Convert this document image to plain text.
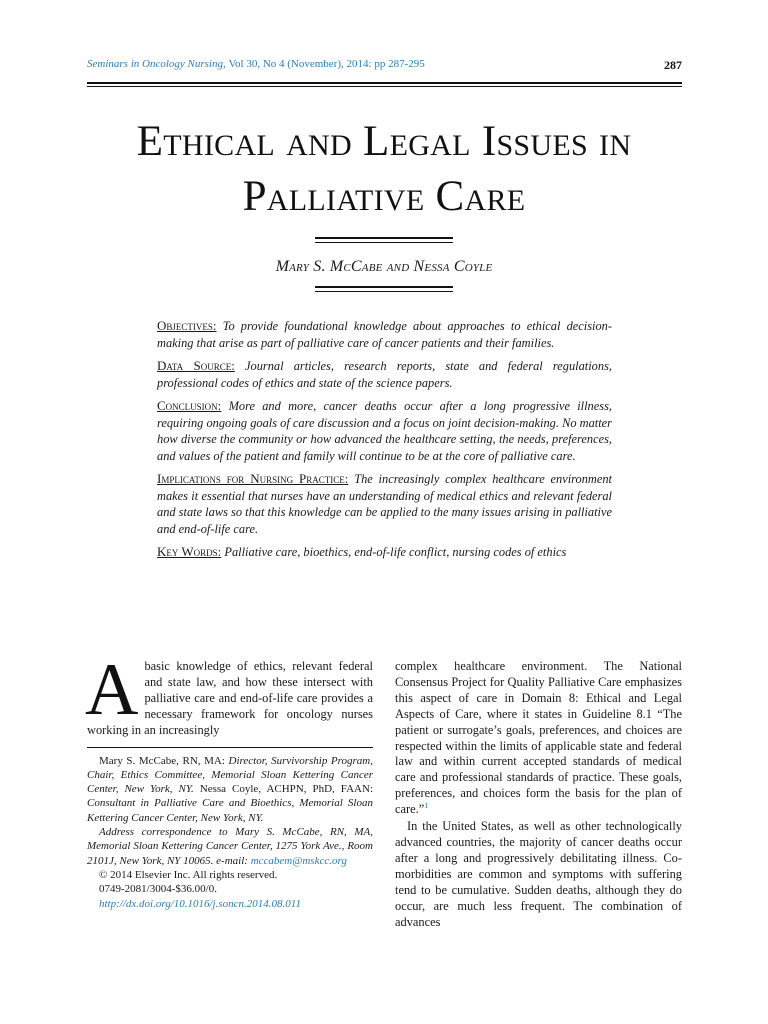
Seminars in Oncology Nursing, Vol 30, No 4 (November), 2014: pp 287-295	287
Ethical and Legal Issues in
Palliative Care
Mary S. McCabe and Nessa Coyle

Objectives: To provide foundational knowledge about approaches to ethical decision-making that arise as part of palliative care of cancer patients and their families.

Data Source: Journal articles, research reports, state and federal regulations, professional codes of ethics and state of the science papers.

Conclusion: More and more, cancer deaths occur after a long progressive illness, requiring ongoing goals of care discussion and a focus on joint decision-making. No matter how diverse the community or how advanced the healthcare setting, the needs, preferences, and values of the patient and family will continue to be at the core of palliative care.

Implications for Nursing Practice: The increasingly complex healthcare environment makes it essential that nurses have an understanding of medical ethics and relevant federal and state laws so that this knowledge can be applied to the many issues arising in palliative and end-of-life care.

Key Words: Palliative care, bioethics, end-of-life conflict, nursing codes of ethics

Abasic knowledge of ethics, relevant federal and state law, and how these intersect with palliative care and end-of-life care provides a necessary framework for oncology nurses working in an increasingly

Mary S. McCabe, RN, MA: Director, Survivorship Program, Chair, Ethics Committee, Memorial Sloan Kettering Cancer Center, New York, NY. Nessa Coyle, ACHPN, PhD, FAAN: Consultant in Palliative Care and Bioethics, Memorial Sloan Kettering Cancer Center, New York, NY.

Address correspondence to Mary S. McCabe, RN, MA, Memorial Sloan Kettering Cancer Center, 1275 York Ave., Room 2101J, New York, NY 10065. e-mail: mccabem@mskcc.org

© 2014 Elsevier Inc. All rights reserved.

0749-2081/3004-$36.00/0.

http://dx.doi.org/10.1016/j.soncn.2014.08.011

complex healthcare environment. The National Consensus Project for Quality Palliative Care emphasizes this aspect of care in Domain 8: Ethical and Legal Aspects of Care, where it states in Guideline 8.1 “The patient or surrogate’s goals, preferences, and choices are respected within the limits of applicable state and federal law and within current accepted standards of medical care and professional standards of practice. These goals, preferences, and choices form the basis for the plan of care.”$^1$

In the United States, as well as other technologically advanced countries, the majority of cancer deaths occur after a long and progressively debilitating illness. Co-morbidities are common and symptoms with suffering tend to be cumulative. Sudden deaths, although they do occur, are much less frequent. The combination of advances
